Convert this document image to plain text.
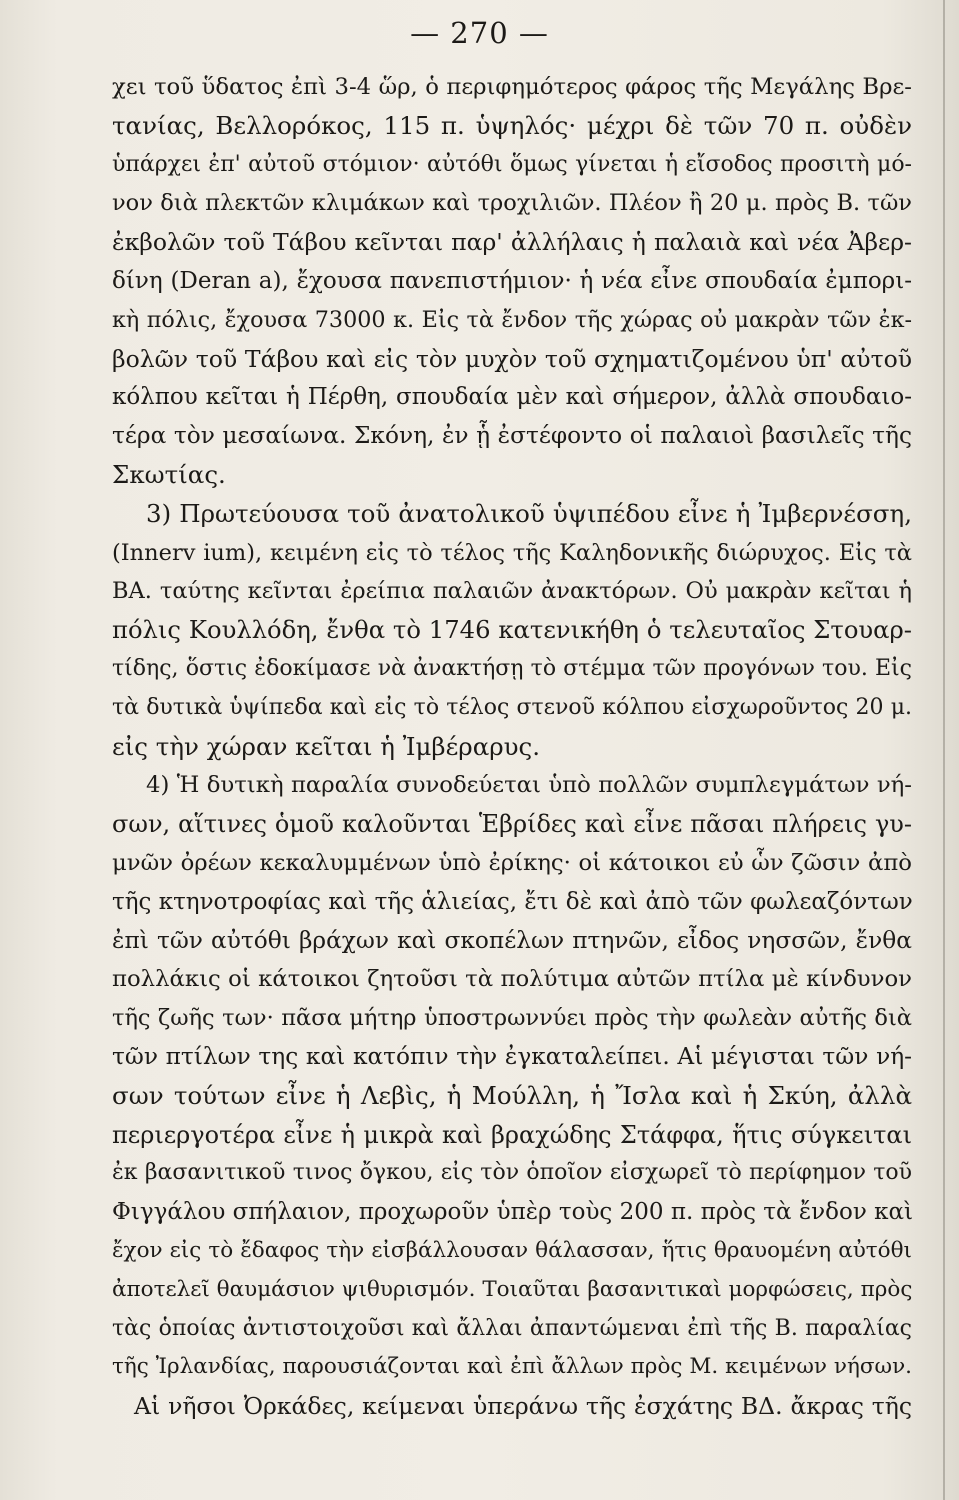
— 270 —
χει τοῦ ὕδατος ἐπὶ 3-4 ὥρ, ὁ περιφημότερος φάρος τῆς Μεγάλης Βρε-
τανίας, Βελλορόκος, 115 π. ὑψηλός· μέχρι δὲ τῶν 70 π. οὐδὲν
ὑπάρχει ἐπ' αὐτοῦ στόμιον· αὐτόθι ὅμως γίνεται ἡ εἴσοδος προσιτὴ μό-
νον διὰ πλεκτῶν κλιμάκων καὶ τροχιλιῶν. Πλέον ἢ 20 μ. πρὸς Β. τῶν
ἐκβολῶν τοῦ Τάβου κεῖνται παρ' ἀλλήλαις ἡ παλαιὰ καὶ νέα Ἀβερ-
δίνη (Deran a), ἔχουσα πανεπιστήμιον· ἡ νέα εἶνε σπουδαία ἐμπορι-
κὴ πόλις, ἔχουσα 73000 κ. Εἰς τὰ ἔνδον τῆς χώρας οὐ μακρὰν τῶν ἐκ-
βολῶν τοῦ Τάβου καὶ εἰς τὸν μυχὸν τοῦ σχηματιζομένου ὑπ' αὐτοῦ
κόλπου κεῖται ἡ Πέρθη, σπουδαία μὲν καὶ σήμερον, ἀλλὰ σπουδαιο-
τέρα τὸν μεσαίωνα. Σκόνη, ἐν ᾗ ἐστέφοντο οἱ παλαιοὶ βασιλεῖς τῆς
Σκωτίας.
3) Πρωτεύουσα τοῦ ἀνατολικοῦ ὑψιπέδου εἶνε ἡ Ἰμβερνέσση,
(Innerv ium), κειμένη εἰς τὸ τέλος τῆς Καληδονικῆς διώρυχος. Εἰς τὰ
ΒΑ. ταύτης κεῖνται ἐρείπια παλαιῶν ἀνακτόρων. Οὐ μακρὰν κεῖται ἡ
πόλις Κουλλόδη, ἔνθα τὸ 1746 κατενικήθη ὁ τελευταῖος Στουαρ-
τίδης, ὅστις ἐδοκίμασε νὰ ἀνακτήσῃ τὸ στέμμα τῶν προγόνων του. Εἰς
τὰ δυτικὰ ὑψίπεδα καὶ εἰς τὸ τέλος στενοῦ κόλπου εἰσχωροῦντος 20 μ.
εἰς τὴν χώραν κεῖται ἡ Ἰμβέραρυς.
4) Ἡ δυτικὴ παραλία συνοδεύεται ὑπὸ πολλῶν συμπλεγμάτων νή-
σων, αἵτινες ὁμοῦ καλοῦνται Ἑβρίδες καὶ εἶνε πᾶσαι πλήρεις γυ-
μνῶν ὀρέων κεκαλυμμένων ὑπὸ ἐρίκης· οἱ κάτοικοι εὐ ὧν ζῶσιν ἀπὸ
τῆς κτηνοτροφίας καὶ τῆς ἁλιείας, ἔτι δὲ καὶ ἀπὸ τῶν φωλεαζόντων
ἐπὶ τῶν αὐτόθι βράχων καὶ σκοπέλων πτηνῶν, εἶδος νησσῶν, ἔνθα
πολλάκις οἱ κάτοικοι ζητοῦσι τὰ πολύτιμα αὐτῶν πτίλα μὲ κίνδυνον
τῆς ζωῆς των· πᾶσα μήτηρ ὑποστρωννύει πρὸς τὴν φωλεὰν αὐτῆς διὰ
τῶν πτίλων της καὶ κατόπιν τὴν ἐγκαταλείπει. Αἱ μέγισται τῶν νή-
σων τούτων εἶνε ἡ Λεβὶς, ἡ Μούλλη, ἡ Ἴσλα καὶ ἡ Σκύη, ἀλλὰ
περιεργοτέρα εἶνε ἡ μικρὰ καὶ βραχώδης Στάφφα, ἥτις σύγκειται
ἐκ βασανιτικοῦ τινος ὄγκου, εἰς τὸν ὁποῖον εἰσχωρεῖ τὸ περίφημον τοῦ
Φιγγάλου σπήλαιον, προχωροῦν ὑπὲρ τοὺς 200 π. πρὸς τὰ ἔνδον καὶ
ἔχον εἰς τὸ ἔδαφος τὴν εἰσβάλλουσαν θάλασσαν, ἥτις θραυομένη αὐτόθι
ἀποτελεῖ θαυμάσιον ψιθυρισμόν. Τοιαῦται βασανιτικαὶ μορφώσεις, πρὸς
τὰς ὁποίας ἀντιστοιχοῦσι καὶ ἄλλαι ἀπαντώμεναι ἐπὶ τῆς Β. παραλίας
τῆς Ἰρλανδίας, παρουσιάζονται καὶ ἐπὶ ἄλλων πρὸς Μ. κειμένων νήσων.
Αἱ νῆσοι Ὀρκάδες, κείμεναι ὑπεράνω τῆς ἐσχάτης ΒΔ. ἄκρας τῆς
